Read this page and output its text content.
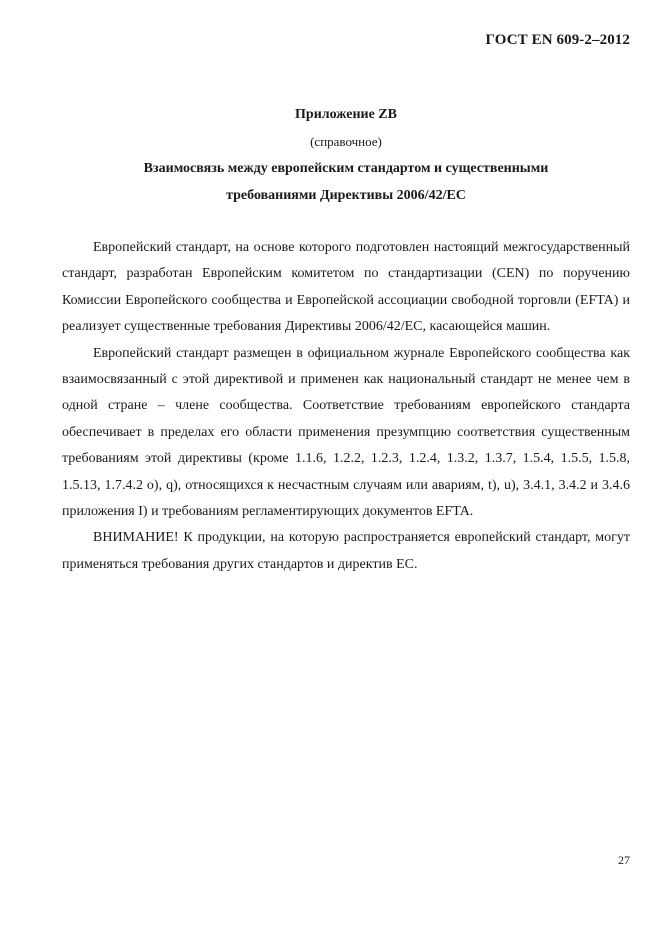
ГОСТ EN 609-2–2012
Приложение ZB
(справочное)
Взаимосвязь между европейским стандартом и существенными
требованиями Директивы 2006/42/ЕС

Европейский стандарт, на основе которого подготовлен настоящий межгосударственный стандарт, разработан Европейским комитетом по стандартизации (CEN) по поручению Комиссии Европейского сообщества и Европейской ассоциации свободной торговли (EFTA) и реализует существенные требования Директивы 2006/42/ЕС, касающейся машин.

Европейский стандарт размещен в официальном журнале Европейского сообщества как взаимосвязанный с этой директивой и применен как национальный стандарт не менее чем в одной стране – члене сообщества. Соответствие требованиям европейского стандарта обеспечивает в пределах его области применения презумпцию соответствия существенным требованиям этой директивы (кроме 1.1.6, 1.2.2, 1.2.3, 1.2.4, 1.3.2, 1.3.7, 1.5.4, 1.5.5, 1.5.8, 1.5.13, 1.7.4.2 o), q), относящихся к несчастным случаям или авариям, t), u), 3.4.1, 3.4.2 и 3.4.6 приложения I) и требованиям регламентирующих документов EFTA.

ВНИМАНИЕ! К продукции, на которую распространяется европейский стандарт, могут применяться требования других стандартов и директив ЕС.

27
